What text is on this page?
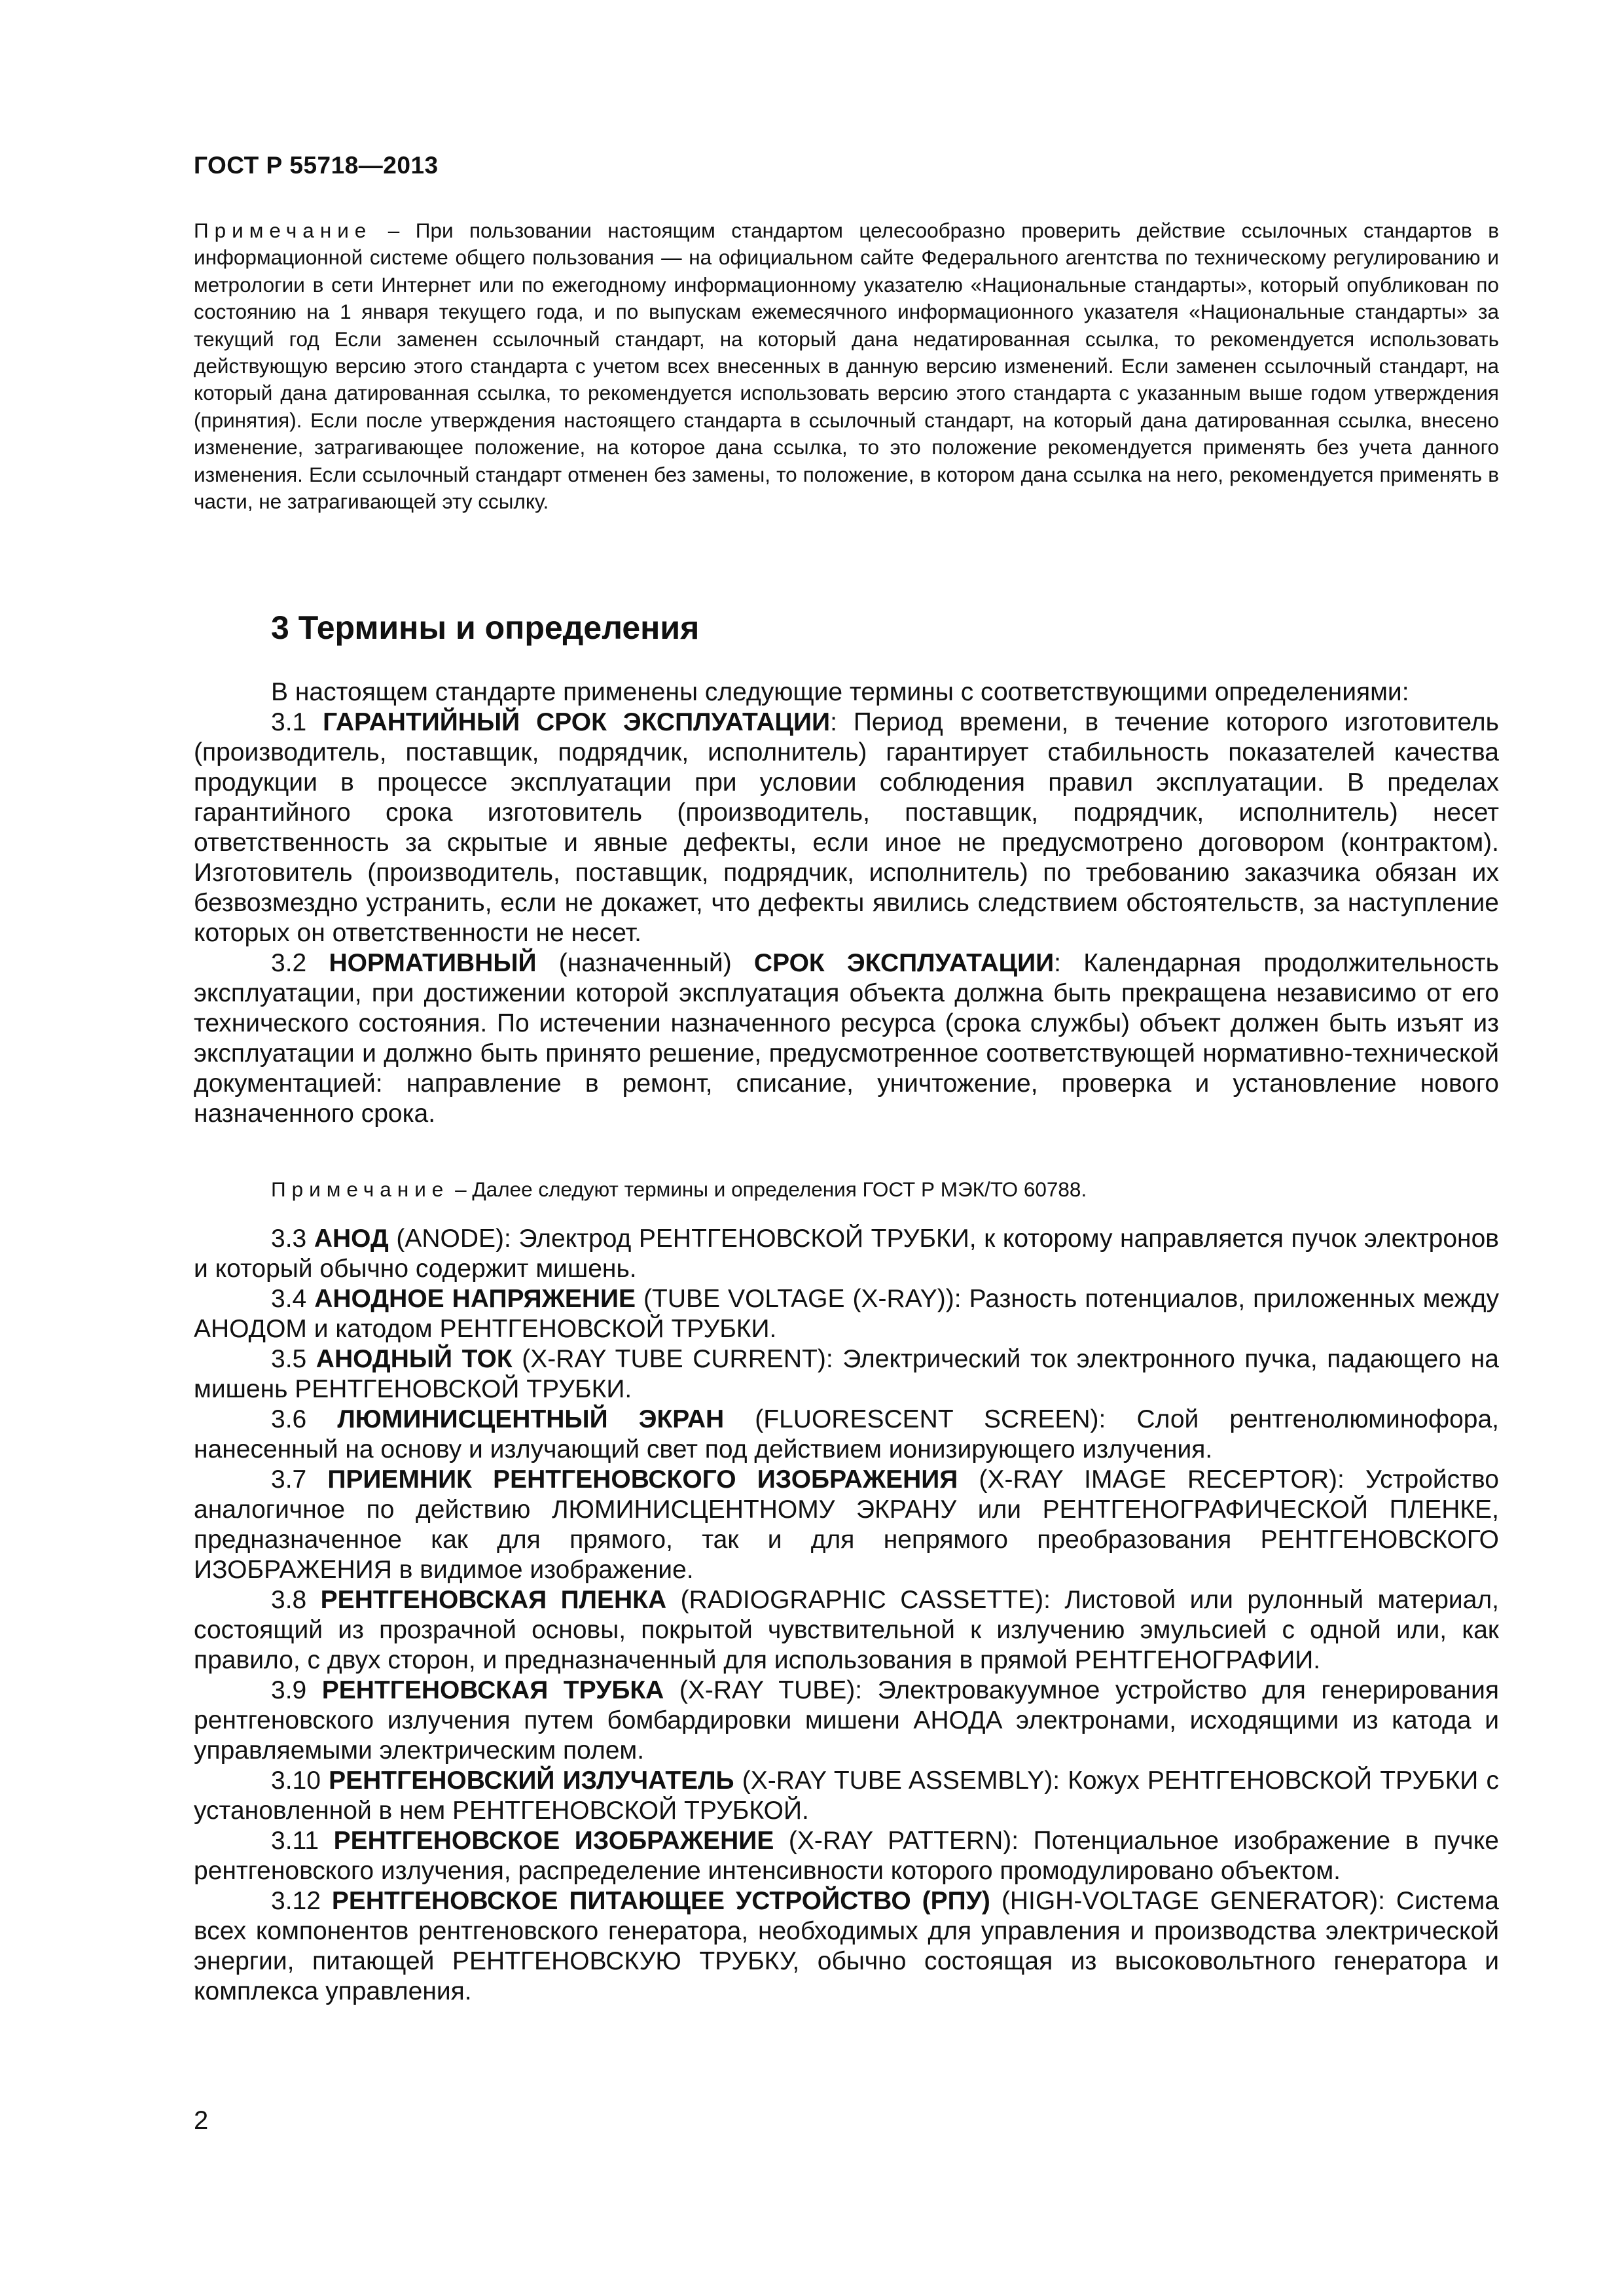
ГОСТ Р 55718—2013
Примечание – При пользовании настоящим стандартом целесообразно проверить действие ссылочных стандартов в информационной системе общего пользования — на официальном сайте Федерального агентства по техническому регулированию и метрологии в сети Интернет или по ежегодному информационному указателю «Национальные стандарты», который опубликован по состоянию на 1 января текущего года, и по выпускам ежемесячного информационного указателя «Национальные стандарты» за текущий год Если заменен ссылочный стандарт, на который дана недатированная ссылка, то рекомендуется использовать действующую версию этого стандарта с учетом всех внесенных в данную версию изменений. Если заменен ссылочный стандарт, на который дана датированная ссылка, то рекомендуется использовать версию этого стандарта с указанным выше годом утверждения (принятия). Если после утверждения настоящего стандарта в ссылочный стандарт, на который дана датированная ссылка, внесено изменение, затрагивающее положение, на которое дана ссылка, то это положение рекомендуется применять без учета данного изменения. Если ссылочный стандарт отменен без замены, то положение, в котором дана ссылка на него, рекомендуется применять в части, не затрагивающей эту ссылку.
3 Термины и определения

В настоящем стандарте применены следующие термины с соответствующими определениями:

3.1 ГАРАНТИЙНЫЙ СРОК ЭКСПЛУАТАЦИИ: Период времени, в течение которого изготовитель (производитель, поставщик, подрядчик, исполнитель) гарантирует стабильность показателей качества продукции в процессе эксплуатации при условии соблюдения правил эксплуатации. В пределах гарантийного срока изготовитель (производитель, поставщик, подрядчик, исполнитель) несет ответственность за скрытые и явные дефекты, если иное не предусмотрено договором (контрактом). Изготовитель (производитель, поставщик, подрядчик, исполнитель) по требованию заказчика обязан их безвозмездно устранить, если не докажет, что дефекты явились следствием обстоятельств, за наступление которых он ответственности не несет.

3.2 НОРМАТИВНЫЙ (назначенный) СРОК ЭКСПЛУАТАЦИИ: Календарная продолжительность эксплуатации, при достижении которой эксплуатация объекта должна быть прекращена независимо от его технического состояния. По истечении назначенного ресурса (срока службы) объект должен быть изъят из эксплуатации и должно быть принято решение, предусмотренное соответствующей нормативно-технической документацией: направление в ремонт, списание, уничтожение, проверка и установление нового назначенного срока.

Примечание – Далее следуют термины и определения ГОСТ Р МЭК/ТО 60788.

3.3 АНОД (ANODE): Электрод РЕНТГЕНОВСКОЙ ТРУБКИ, к которому направляется пучок электронов и который обычно содержит мишень.

3.4 АНОДНОЕ НАПРЯЖЕНИЕ (TUBE VOLTAGE (X-RAY)): Разность потенциалов, приложенных между АНОДОМ и катодом РЕНТГЕНОВСКОЙ ТРУБКИ.

3.5 АНОДНЫЙ ТОК (X-RAY TUBE CURRENT): Электрический ток электронного пучка, падающего на мишень РЕНТГЕНОВСКОЙ ТРУБКИ.

3.6 ЛЮМИНИСЦЕНТНЫЙ ЭКРАН (FLUORESCENT SCREEN): Слой рентгенолюминофора, нанесенный на основу и излучающий свет под действием ионизирующего излучения.

3.7 ПРИЕМНИК РЕНТГЕНОВСКОГО ИЗОБРАЖЕНИЯ (X-RAY IMAGE RECEPTOR): Устройство аналогичное по действию ЛЮМИНИСЦЕНТНОМУ ЭКРАНУ или РЕНТГЕНОГРАФИЧЕСКОЙ ПЛЕНКЕ, предназначенное как для прямого, так и для непрямого преобразования РЕНТГЕНОВСКОГО ИЗОБРАЖЕНИЯ в видимое изображение.

3.8 РЕНТГЕНОВСКАЯ ПЛЕНКА (RADIOGRAPHIC CASSETTE): Листовой или рулонный материал, состоящий из прозрачной основы, покрытой чувствительной к излучению эмульсией с одной или, как правило, с двух сторон, и предназначенный для использования в прямой РЕНТГЕНОГРАФИИ.

3.9 РЕНТГЕНОВСКАЯ ТРУБКА (X-RAY TUBE): Электровакуумное устройство для генерирования рентгеновского излучения путем бомбардировки мишени АНОДА электронами, исходящими из катода и управляемыми электрическим полем.

3.10 РЕНТГЕНОВСКИЙ ИЗЛУЧАТЕЛЬ (X-RAY TUBE ASSEMBLY): Кожух РЕНТГЕНОВСКОЙ ТРУБКИ с установленной в нем РЕНТГЕНОВСКОЙ ТРУБКОЙ.

3.11 РЕНТГЕНОВСКОЕ ИЗОБРАЖЕНИЕ (X-RAY PATTERN): Потенциальное изображение в пучке рентгеновского излучения, распределение интенсивности которого промодулировано объектом.

3.12 РЕНТГЕНОВСКОЕ ПИТАЮЩЕЕ УСТРОЙСТВО (РПУ) (HIGH-VOLTAGE GENERATOR): Система всех компонентов рентгеновского генератора, необходимых для управления и производства электрической энергии, питающей РЕНТГЕНОВСКУЮ ТРУБКУ, обычно состоящая из высоковольтного генератора и комплекса управления.

2
